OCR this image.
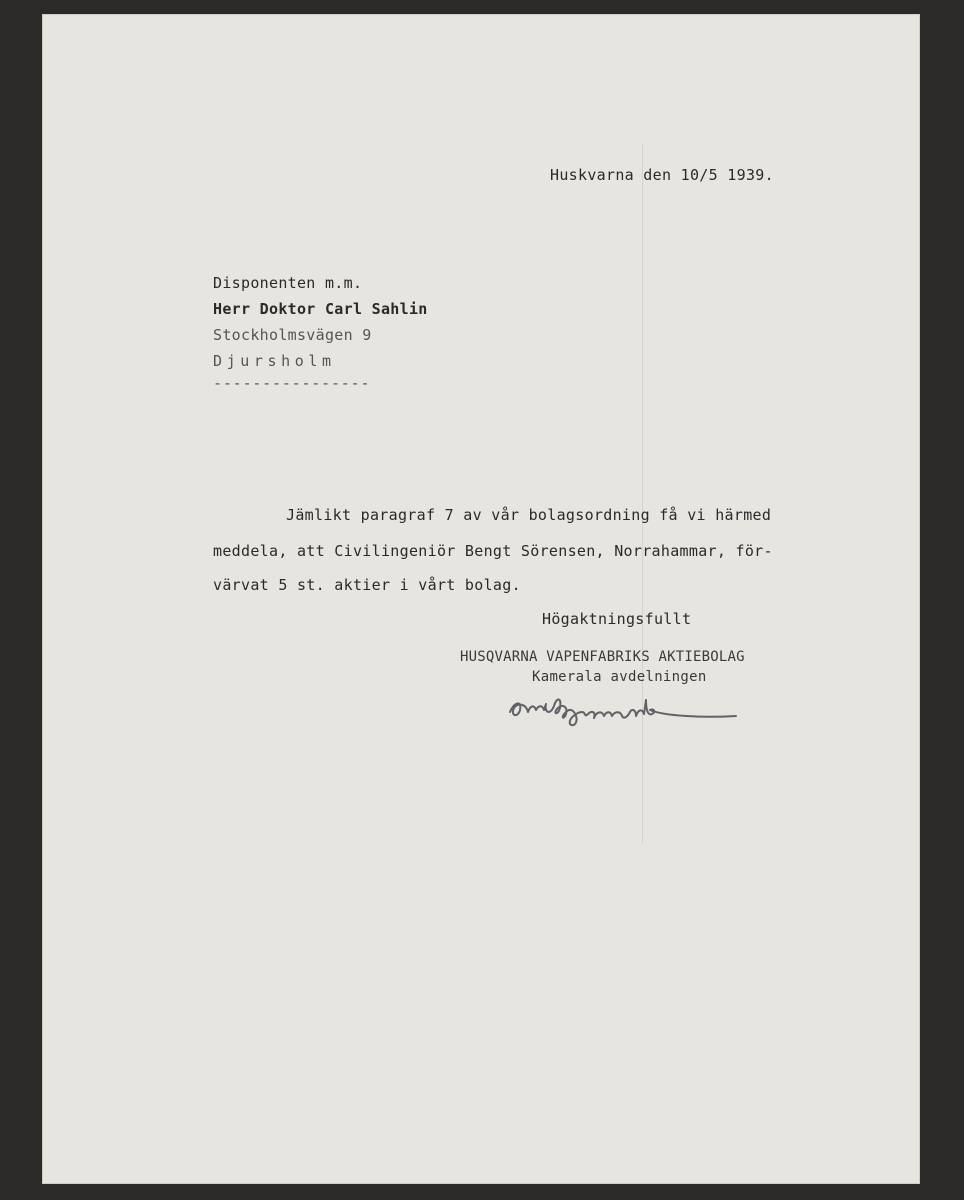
Huskvarna den 10/5 1939.
Disponenten m.m.
Herr Doktor Carl Sahlin
Stockholmsvägen 9
Djursholm
----------------
Jämlikt paragraf 7 av vår bolagsordning få vi härmed
meddela, att Civilingeniör Bengt Sörensen, Norrahammar, för-
värvat 5 st. aktier i vårt bolag.
Högaktningsfullt
HUSQVARNA VAPENFABRIKS AKTIEBOLAG
Kamerala avdelningen
